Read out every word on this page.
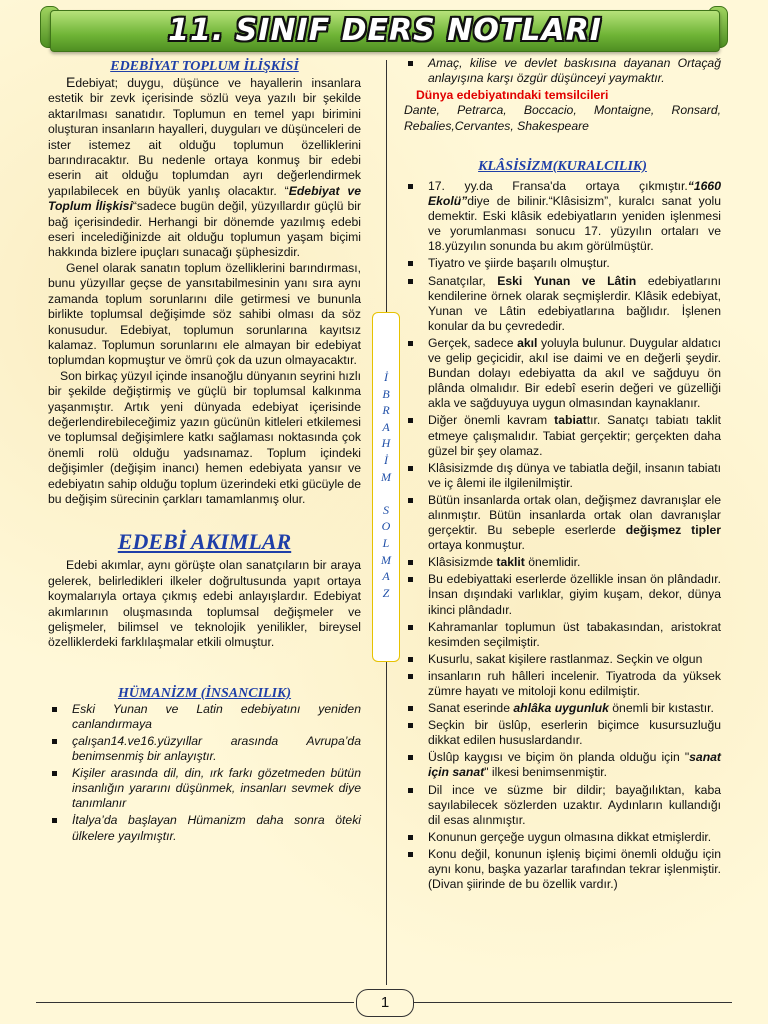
11. SINIF DERS NOTLARI
EDEBİYAT TOPLUM İLİŞKİSİ

Edebiyat; duygu, düşünce ve hayallerin insanlara estetik bir zevk içerisinde sözlü veya yazılı bir şekilde aktarılması sanatıdır. Toplumun en temel yapı birimini oluşturan insanların hayalleri, duyguları ve düşünceleri de ister istemez ait olduğu toplumun özelliklerini barındıracaktır. Bu nedenle ortaya konmuş bir edebi eserin ait olduğu toplumdan ayrı değerlendirmek yapılabilecek en büyük yanlış olacaktır. “Edebiyat ve Toplum İlişkisi“sadece bugün değil, yüzyıllardır güçlü bir bağ içerisindedir. Herhangi bir dönemde yazılmış edebi eseri incelediğinizde ait olduğu toplumun yaşam biçimi hakkında bizlere ipuçları sunacağı şüphesizdir.

Genel olarak sanatın toplum özelliklerini barındırması, bunu yüzyıllar geçse de yansıtabilmesinin yanı sıra aynı zamanda toplum sorunlarını dile getirmesi ve bununla birlikte toplumsal değişimde söz sahibi olması da söz konusudur. Edebiyat, toplumun sorunlarına kayıtsız kalamaz. Toplumun sorunlarını ele almayan bir edebiyat toplumdan kopmuştur ve ömrü çok da uzun olmayacaktır.

Son birkaç yüzyıl içinde insanoğlu dünyanın seyrini hızlı bir şekilde değiştirmiş ve güçlü bir toplumsal kalkınma yaşanmıştır. Artık yeni dünyada edebiyat içerisinde değerlendirebileceğimiz yazın gücünün kitleleri etkilemesi ve toplumsal değişimlere katkı sağlaması noktasında çok önemli rolü olduğu yadsınamaz. Toplum içindeki değişimler (değişim inancı) hemen edebiyata yansır ve edebiyatın sahip olduğu toplum üzerindeki etki gücüyle de bu değişim sürecinin çarkları tamamlanmış olur.

EDEBİ AKIMLAR

Edebi akımlar, aynı görüşte olan sanatçıların bir araya gelerek, belirledikleri ilkeler doğrultusunda yapıt ortaya koymalarıyla ortaya çıkmış edebi anlayışlardır. Edebiyat akımlarının oluşmasında toplumsal değişmeler ve gelişmeler, bilimsel ve teknolojik yenilikler, bireysel özelliklerdeki farklılaşmalar etkili olmuştur.

HÜMANİZM (İNSANCILIK)
Eski Yunan ve Latin edebiyatını yeniden canlandırmaya
çalışan14.ve16.yüzyıllar arasında Avrupa’da benimsenmiş bir anlayıştır.
Kişiler arasında dil, din, ırk farkı gözetmeden bütün insanlığın yararını düşünmek, insanları sevmek diye tanımlanır
İtalya’da başlayan Hümanizm daha sonra öteki ülkelere yayılmıştır.
İ
B
R
A
H
İ
M
S
O
L
M
A
Z
Amaç, kilise ve devlet baskısına dayanan Ortaçağ anlayışına karşı özgür düşünceyi yaymaktır.
Dünya edebiyatındaki temsilcileri

Dante, Petrarca, Boccacio, Montaigne, Ronsard, Rebalies,Cervantes, Shakespeare

KLÂSİSİZM(KURALCILIK)
17. yy.da Fransa'da ortaya çıkmıştır.“1660 Ekolü”diye de bilinir.“Klâsisizm”, kuralcı sanat yolu demektir. Eski klâsik edebiyatların yeniden işlenmesi ve yorumlanması sonucu 17. yüzyılın ortaları ve 18.yüzyılın sonunda bu akım görülmüştür.
Tiyatro ve şiirde başarılı olmuştur.
Sanatçılar, Eski Yunan ve Lâtin edebiyatlarını kendilerine örnek olarak seçmişlerdir. Klâsik edebiyat, Yunan ve Lâtin edebiyatlarına bağlıdır. İşlenen konular da bu çevrededir.
Gerçek, sadece akıl yoluyla bulunur. Duygular aldatıcı ve gelip geçicidir, akıl ise daimi ve en değerli şeydir. Bundan dolayı edebiyatta da akıl ve sağduyu ön plânda olmalıdır. Bir edebî eserin değeri ve güzelliği akla ve sağduyuya uygun olmasından kaynaklanır.
Diğer önemli kavram tabiattır. Sanatçı tabiatı taklit etmeye çalışmalıdır. Tabiat gerçektir; gerçekten daha güzel bir şey olamaz.
Klâsisizmde dış dünya ve tabiatla değil, insanın tabiatı ve iç âlemi ile ilgilenilmiştir.
Bütün insanlarda ortak olan, değişmez davranışlar ele alınmıştır. Bütün insanlarda ortak olan davranışlar gerçektir. Bu sebeple eserlerde değişmez tipler ortaya konmuştur.
Klâsisizmde taklit önemlidir.
Bu edebiyattaki eserlerde özellikle insan ön plândadır. İnsan dışındaki varlıklar, giyim kuşam, dekor, dünya ikinci plândadır.
Kahramanlar toplumun üst tabakasından, aristokrat kesimden seçilmiştir.
Kusurlu, sakat kişilere rastlanmaz. Seçkin ve olgun
insanların ruh hâlleri incelenir. Tiyatroda da yüksek zümre hayatı ve mitoloji konu edilmiştir.
Sanat eserinde ahlâka uygunluk önemli bir kıstastır.
Seçkin bir üslûp, eserlerin biçimce kusursuzluğu dikkat edilen hususlardandır.
Üslûp kaygısı ve biçim ön planda olduğu için "sanat için sanat" ilkesi benimsenmiştir.
Dil ince ve süzme bir dildir; bayağılıktan, kaba sayılabilecek sözlerden uzaktır. Aydınların kullandığı dil esas alınmıştır.
Konunun gerçeğe uygun olmasına dikkat etmişlerdir.
Konu değil, konunun işleniş biçimi önemli olduğu için aynı konu, başka yazarlar tarafından tekrar işlenmiştir.(Divan şiirinde de bu özellik vardır.)
1
